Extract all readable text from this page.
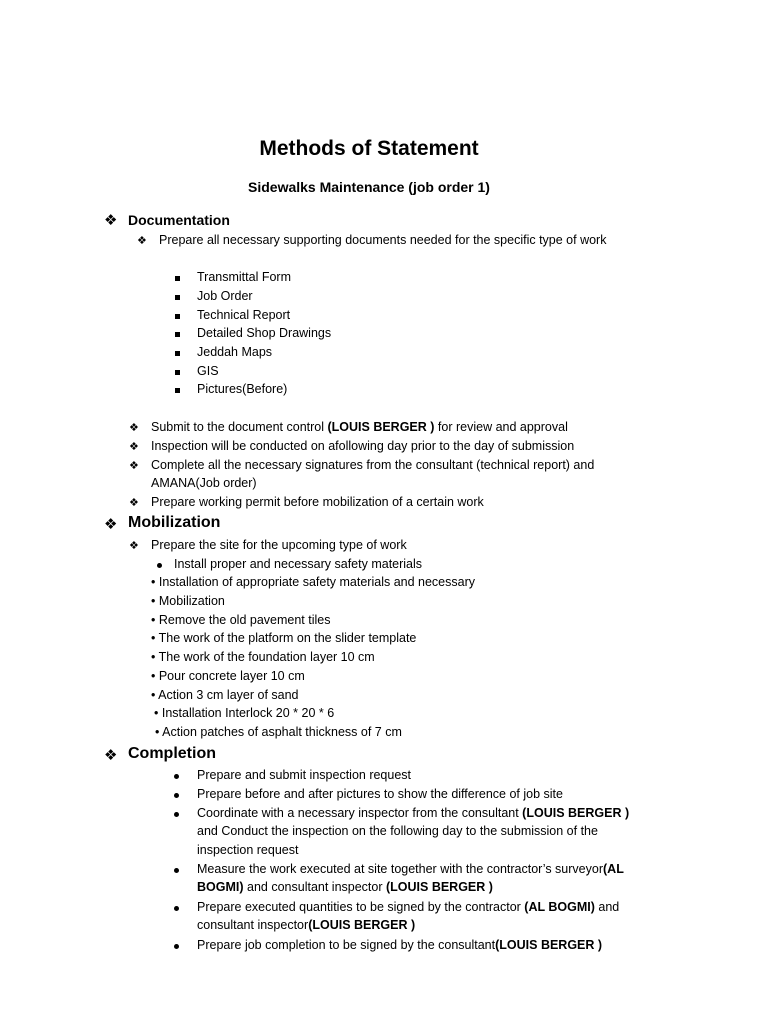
Methods of Statement
Sidewalks Maintenance (job order 1)
❖ Documentation
❖ Prepare all necessary supporting documents needed for the specific type of work
Transmittal Form
Job Order
Technical Report
Detailed Shop Drawings
Jeddah Maps
GIS
Pictures(Before)
❖ Submit to the document control (LOUIS BERGER ) for review and approval
❖ Inspection will be conducted on afollowing day prior to the day of submission
❖ Complete all the necessary signatures from the consultant (technical report) and
AMANA(Job order)
❖ Prepare working permit before mobilization of a certain work
❖ Mobilization
❖ Prepare the site for the upcoming type of work
Install proper and necessary safety materials
• Installation of appropriate safety materials and necessary
• Mobilization
• Remove the old pavement tiles
• The work of the platform on the slider template
• The work of the foundation layer 10 cm
• Pour concrete layer 10 cm
• Action 3 cm layer of sand
• Installation Interlock 20 * 20 * 6
• Action patches of asphalt thickness of 7 cm
❖ Completion
Prepare and submit inspection request
Prepare before and after pictures to show the difference of job site
Coordinate with a necessary inspector from the consultant (LOUIS BERGER )
and Conduct the inspection on the following day to the submission of the
inspection request
Measure the work executed at site together with the contractor’s surveyor(AL
BOGMI) and consultant inspector (LOUIS BERGER )
Prepare executed quantities to be signed by the contractor (AL BOGMI) and
consultant inspector(LOUIS BERGER )
Prepare job completion to be signed by the consultant(LOUIS BERGER )
